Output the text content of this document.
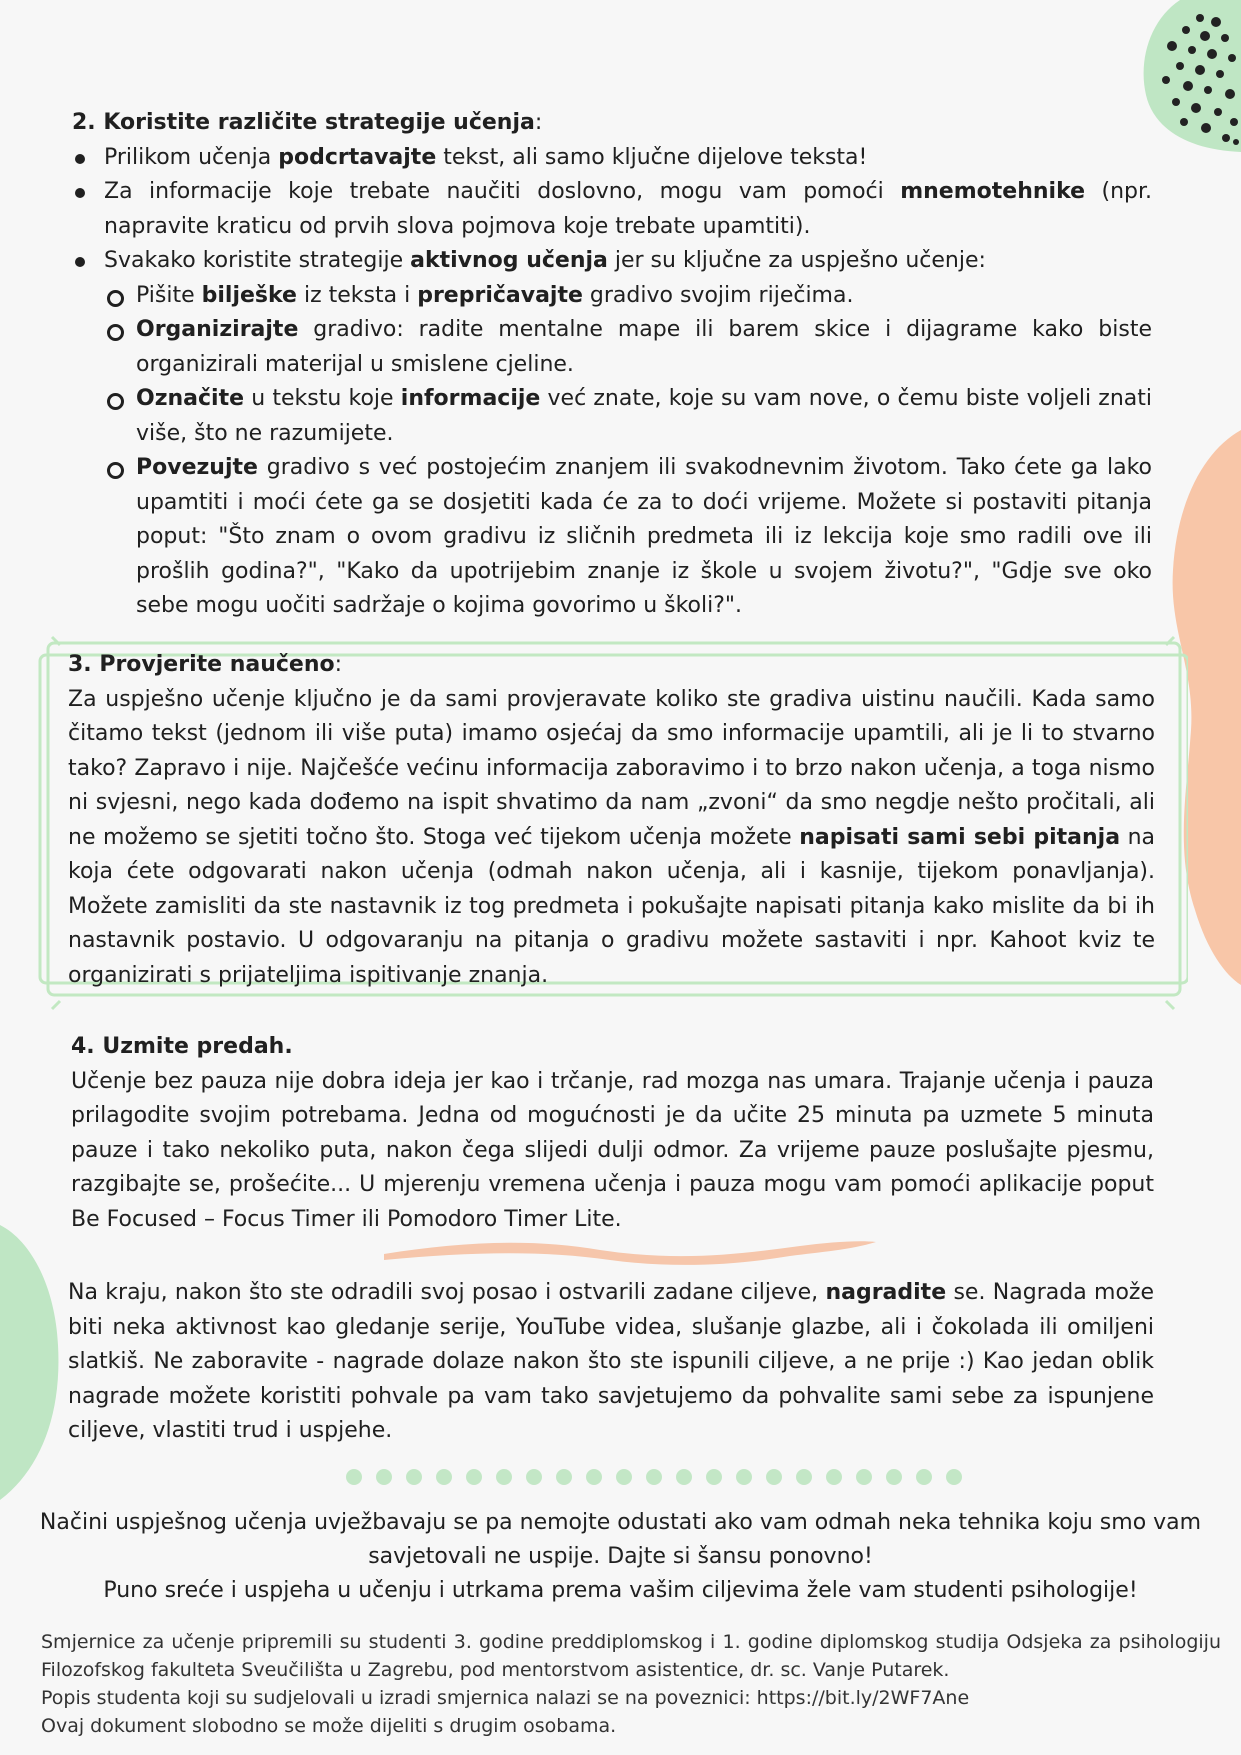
2. Koristite različite strategije učenja:

Prilikom učenja podcrtavajte tekst, ali samo ključne dijelove teksta!
Za informacije koje trebate naučiti doslovno, mogu vam pomoći mnemotehnike (npr. napravite kraticu od prvih slova pojmova koje trebate upamtiti).
Svakako koristite strategije aktivnog učenja jer su ključne za uspješno učenje:
Pišite bilješke iz teksta i prepričavajte gradivo svojim riječima.
Organizirajte gradivo: radite mentalne mape ili barem skice i dijagrame kako biste organizirali materijal u smislene cjeline.
Označite u tekstu koje informacije već znate, koje su vam nove, o čemu biste voljeli znati više, što ne razumijete.
Povezujte gradivo s već postojećim znanjem ili svakodnevnim životom. Tako ćete ga lako upamtiti i moći ćete ga se dosjetiti kada će za to doći vrijeme. Možete si postaviti pitanja poput: "Što znam o ovom gradivu iz sličnih predmeta ili iz lekcija koje smo radili ove ili prošlih godina?", "Kako da upotrijebim znanje iz škole u svojem životu?", "Gdje sve oko sebe mogu uočiti sadržaje o kojima govorimo u školi?".

3. Provjerite naučeno:

Za uspješno učenje ključno je da sami provjeravate koliko ste gradiva uistinu naučili. Kada samo čitamo tekst (jednom ili više puta) imamo osjećaj da smo informacije upamtili, ali je li to stvarno tako? Zapravo i nije. Najčešće većinu informacija zaboravimo i to brzo nakon učenja, a toga nismo ni svjesni, nego kada dođemo na ispit shvatimo da nam „zvoni“ da smo negdje nešto pročitali, ali ne možemo se sjetiti točno što. Stoga već tijekom učenja možete napisati sami sebi pitanja na koja ćete odgovarati nakon učenja (odmah nakon učenja, ali i kasnije, tijekom ponavljanja). Možete zamisliti da ste nastavnik iz tog predmeta i pokušajte napisati pitanja kako mislite da bi ih nastavnik postavio. U odgovaranju na pitanja o gradivu možete sastaviti i npr. Kahoot kviz te organizirati s prijateljima ispitivanje znanja.

4. Uzmite predah.

Učenje bez pauza nije dobra ideja jer kao i trčanje, rad mozga nas umara. Trajanje učenja i pauza prilagodite svojim potrebama. Jedna od mogućnosti je da učite 25 minuta pa uzmete 5 minuta pauze i tako nekoliko puta, nakon čega slijedi dulji odmor. Za vrijeme pauze poslušajte pjesmu, razgibajte se, prošećite... U mjerenju vremena učenja i pauza mogu vam pomoći aplikacije poput Be Focused – Focus Timer ili Pomodoro Timer Lite.

Na kraju, nakon što ste odradili svoj posao i ostvarili zadane ciljeve, nagradite se. Nagrada može biti neka aktivnost kao gledanje serije, YouTube videa, slušanje glazbe, ali i čokolada ili omiljeni slatkiš. Ne zaboravite - nagrade dolaze nakon što ste ispunili ciljeve, a ne prije :) Kao jedan oblik nagrade možete koristiti pohvale pa vam tako savjetujemo da pohvalite sami sebe za ispunjene ciljeve, vlastiti trud i uspjehe.

Načini uspješnog učenja uvježbavaju se pa nemojte odustati ako vam odmah neka tehnika koju smo vam savjetovali ne uspije. Dajte si šansu ponovno!

Puno sreće i uspjeha u učenju i utrkama prema vašim ciljevima žele vam studenti psihologije!

Smjernice za učenje pripremili su studenti 3. godine preddiplomskog i 1. godine diplomskog studija Odsjeka za psihologiju

Filozofskog fakulteta Sveučilišta u Zagrebu, pod mentorstvom asistentice, dr. sc. Vanje Putarek.

Popis studenta koji su sudjelovali u izradi smjernica nalazi se na poveznici: https://bit.ly/2WF7Ane

Ovaj dokument slobodno se može dijeliti s drugim osobama.
